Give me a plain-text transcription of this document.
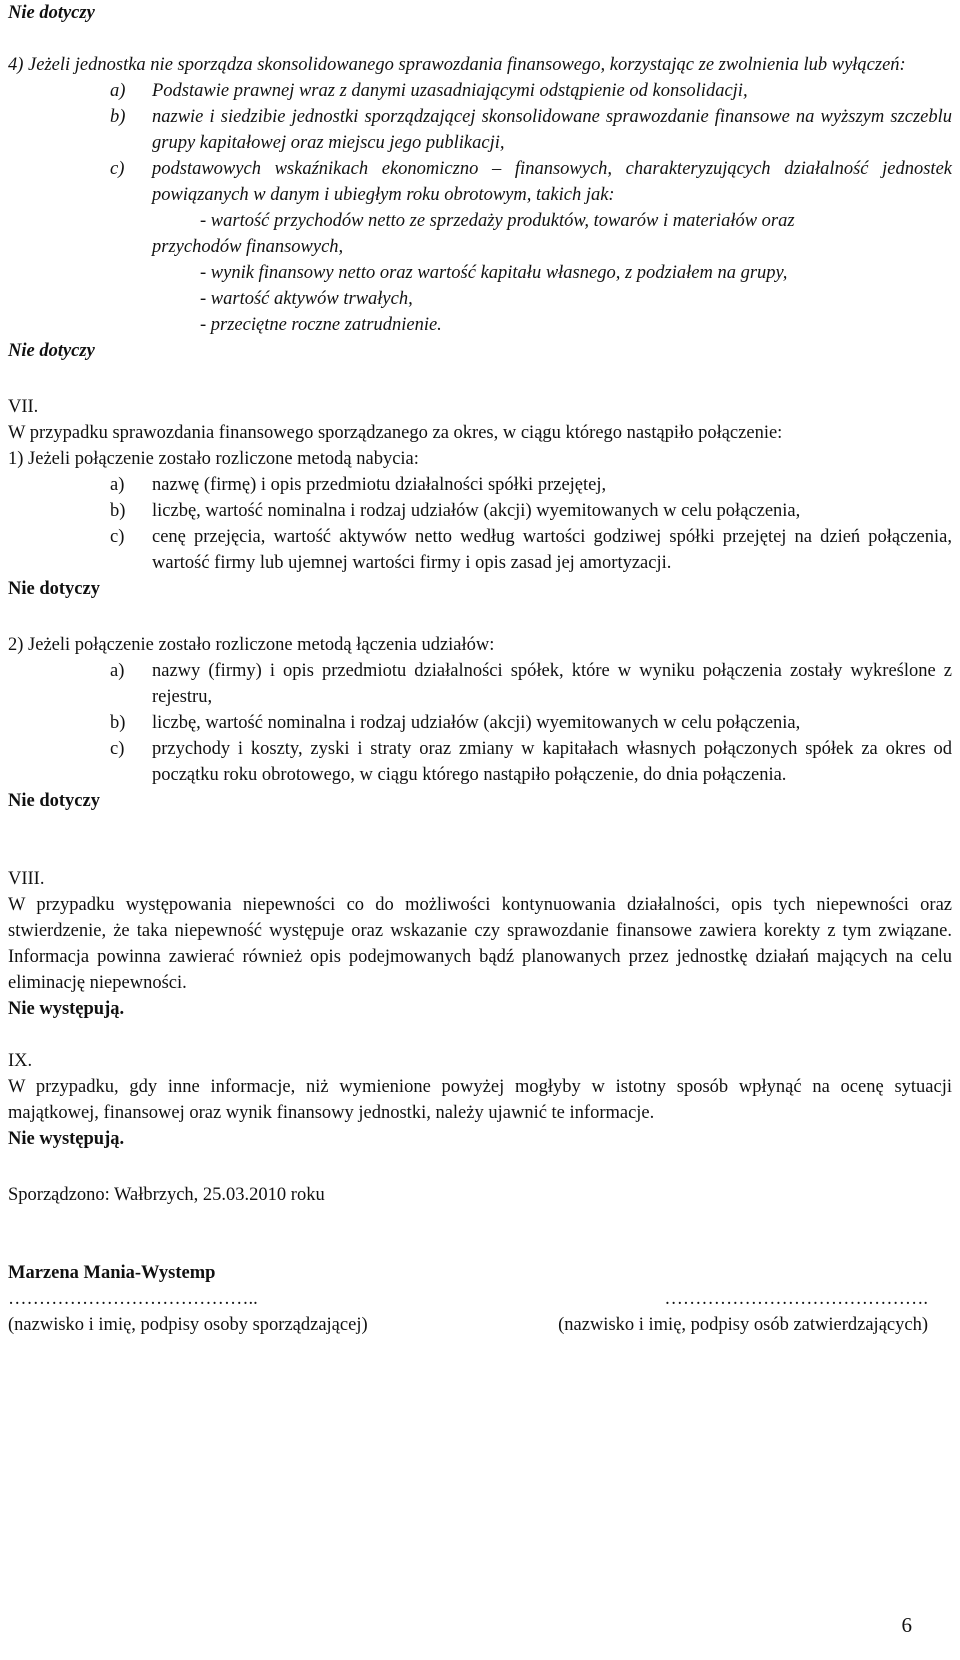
Nie dotyczy

4) Jeżeli jednostka nie sporządza skonsolidowanego sprawozdania finansowego, korzystając ze zwolnienia lub wyłączeń:

a)	Podstawie prawnej wraz z danymi uzasadniającymi odstąpienie od konsolidacji,
b)	nazwie i siedzibie jednostki sporządzającej skonsolidowane sprawozdanie finansowe na wyższym szczeblu grupy kapitałowej oraz miejscu jego publikacji,
c)	podstawowych wskaźnikach ekonomiczno – finansowych, charakteryzujących działalność jednostek powiązanych w danym i ubiegłym roku obrotowym, takich jak:
- wartość przychodów netto ze sprzedaży produktów, towarów i materiałów oraz
przychodów finansowych,
- wynik finansowy netto oraz wartość kapitału własnego, z podziałem na grupy,
- wartość aktywów trwałych,
- przeciętne roczne zatrudnienie.
Nie dotyczy
VII.

W przypadku sprawozdania finansowego sporządzanego za okres, w ciągu którego nastąpiło połączenie:

1) Jeżeli połączenie zostało rozliczone metodą nabycia:
a)	nazwę (firmę) i opis przedmiotu działalności spółki przejętej,
b)	liczbę, wartość nominalna i rodzaj udziałów (akcji) wyemitowanych w celu połączenia,
c)	cenę przejęcia, wartość aktywów netto według wartości godziwej spółki przejętej na dzień połączenia, wartość firmy lub ujemnej wartości firmy i opis zasad jej amortyzacji.
Nie dotyczy
2) Jeżeli połączenie zostało rozliczone metodą łączenia udziałów:
a)	nazwy (firmy) i opis przedmiotu działalności spółek, które w wyniku połączenia zostały wykreślone z rejestru,
b)	liczbę, wartość nominalna i rodzaj udziałów (akcji) wyemitowanych w celu połączenia,
c)	przychody i koszty, zyski i straty oraz zmiany w kapitałach własnych połączonych spółek za okres od początku roku obrotowego, w ciągu którego nastąpiło połączenie, do dnia połączenia.
Nie dotyczy
VIII.

W przypadku występowania niepewności co do możliwości kontynuowania działalności, opis tych niepewności oraz stwierdzenie, że taka niepewność występuje oraz wskazanie czy sprawozdanie finansowe zawiera korekty z tym związane. Informacja powinna zawierać również opis podejmowanych bądź planowanych przez jednostkę działań mających na celu eliminację niepewności.

Nie występują.
IX.

W przypadku, gdy inne informacje, niż wymienione powyżej mogłyby w istotny sposób wpłynąć na ocenę sytuacji majątkowej, finansowej oraz wynik finansowy jednostki, należy ujawnić te informacje.

Nie występują.
Sporządzono: Wałbrzych, 25.03.2010 roku
Marzena Mania-Wystemp
…………………………………..	…………………………………….
(nazwisko i imię, podpisy osoby sporządzającej)	(nazwisko i imię, podpisy osób zatwierdzających)
6
